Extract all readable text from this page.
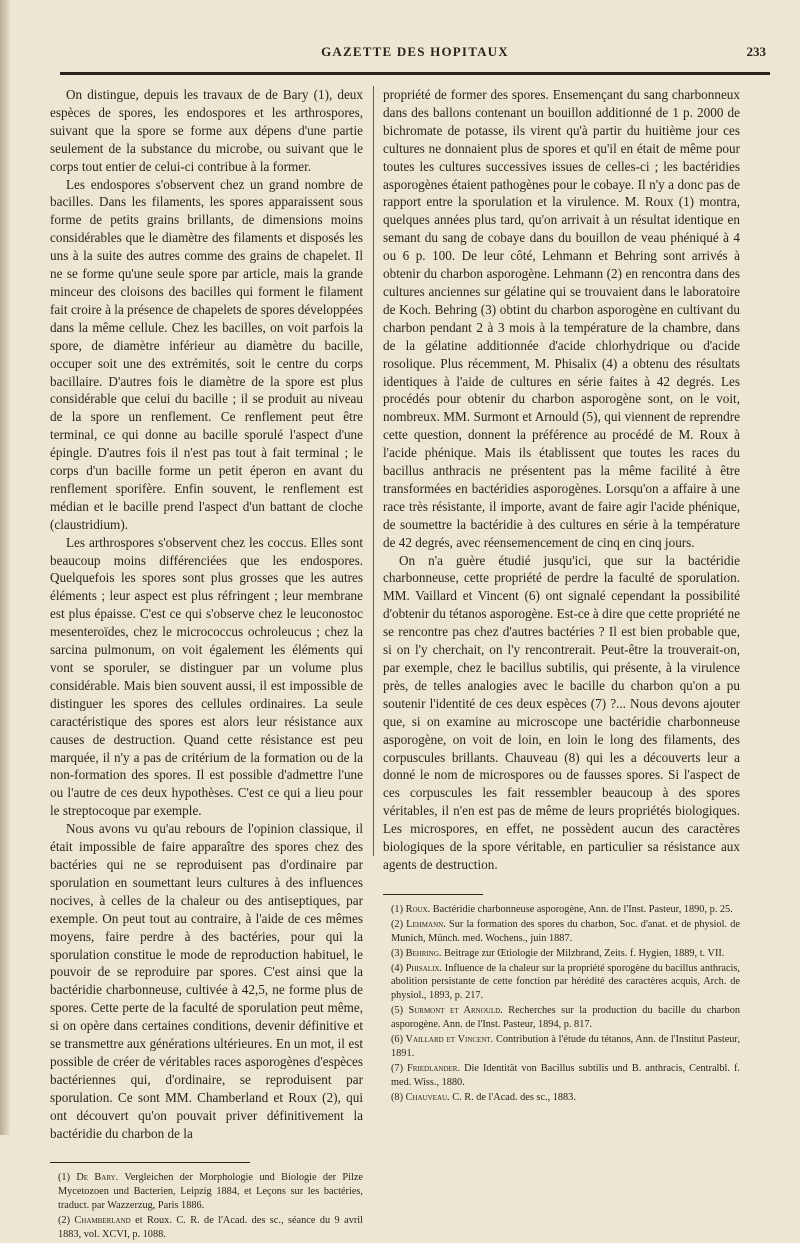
GAZETTE DES HOPITAUX	233

On distingue, depuis les travaux de de Bary (1), deux espèces de spores, les endospores et les arthrospores, suivant que la spore se forme aux dépens d'une partie seulement de la substance du microbe, ou suivant que le corps tout entier de celui-ci contribue à la former.

Les endospores s'observent chez un grand nombre de bacilles. Dans les filaments, les spores apparaissent sous forme de petits grains brillants, de dimensions moins considérables que le diamètre des filaments et disposés les uns à la suite des autres comme des grains de chapelet. Il ne se forme qu'une seule spore par article, mais la grande minceur des cloisons des bacilles qui forment le filament fait croire à la présence de chapelets de spores développées dans la même cellule. Chez les bacilles, on voit parfois la spore, de diamètre inférieur au diamètre du bacille, occuper soit une des extrémités, soit le centre du corps bacillaire. D'autres fois le diamètre de la spore est plus considérable que celui du bacille ; il se produit au niveau de la spore un renflement. Ce renflement peut être terminal, ce qui donne au bacille sporulé l'aspect d'une épingle. D'autres fois il n'est pas tout à fait terminal ; le corps d'un bacille forme un petit éperon en avant du renflement sporifère. Enfin souvent, le renflement est médian et le bacille prend l'aspect d'un battant de cloche (claustridium).

Les arthrospores s'observent chez les coccus. Elles sont beaucoup moins différenciées que les endospores. Quelquefois les spores sont plus grosses que les autres éléments ; leur aspect est plus réfringent ; leur membrane est plus épaisse. C'est ce qui s'observe chez le leuconostoc mesenteroïdes, chez le micrococcus ochroleucus ; chez la sarcina pulmonum, on voit également les éléments qui vont se sporuler, se distinguer par un volume plus considérable. Mais bien souvent aussi, il est impossible de distinguer les spores des cellules ordinaires. La seule caractéristique des spores est alors leur résistance aux causes de destruction. Quand cette résistance est peu marquée, il n'y a pas de critérium de la formation ou de la non-formation des spores. Il est possible d'admettre l'une ou l'autre de ces deux hypothèses. C'est ce qui a lieu pour le streptocoque par exemple.

Nous avons vu qu'au rebours de l'opinion classique, il était impossible de faire apparaître des spores chez des bactéries qui ne se reproduisent pas d'ordinaire par sporulation en soumettant leurs cultures à des influences nocives, à celles de la chaleur ou des antiseptiques, par exemple. On peut tout au contraire, à l'aide de ces mêmes moyens, faire perdre à des bactéries, pour qui la sporulation constitue le mode de reproduction habituel, le pouvoir de se reproduire par spores. C'est ainsi que la bactéridie charbonneuse, cultivée à 42,5, ne forme plus de spores. Cette perte de la faculté de sporulation peut même, si on opère dans certaines conditions, devenir définitive et se transmettre aux générations ultérieures. En un mot, il est possible de créer de véritables races asporogènes d'espèces bactériennes qui, d'ordinaire, se reproduisent par sporulation. Ce sont MM. Chamberland et Roux (2), qui ont découvert qu'on pouvait priver définitivement la bactéridie du charbon de la

(1) De Bary. Vergleichen der Morphologie und Biologie der Pilze Mycetozoen und Bacterien, Leipzig 1884, et Leçons sur les bactéries, traduct. par Wazzerzug, Paris 1886.
(2) Chamberland et Roux. C. R. de l'Acad. des sc., séance du 9 avril 1883, vol. XCVI, p. 1088.

propriété de former des spores. Ensemençant du sang charbonneux dans des ballons contenant un bouillon additionné de 1 p. 2000 de bichromate de potasse, ils virent qu'à partir du huitième jour ces cultures ne donnaient plus de spores et qu'il en était de même pour toutes les cultures successives issues de celles-ci ; les bactéridies asporogènes étaient pathogènes pour le cobaye. Il n'y a donc pas de rapport entre la sporulation et la virulence. M. Roux (1) montra, quelques années plus tard, qu'on arrivait à un résultat identique en semant du sang de cobaye dans du bouillon de veau phéniqué à 4 ou 6 p. 100. De leur côté, Lehmann et Behring sont arrivés à obtenir du charbon asporogène. Lehmann (2) en rencontra dans des cultures anciennes sur gélatine qui se trouvaient dans le laboratoire de Koch. Behring (3) obtint du charbon asporogène en cultivant du charbon pendant 2 à 3 mois à la température de la chambre, dans de la gélatine additionnée d'acide chlorhydrique ou d'acide rosolique. Plus récemment, M. Phisalix (4) a obtenu des résultats identiques à l'aide de cultures en série faites à 42 degrés. Les procédés pour obtenir du charbon asporogène sont, on le voit, nombreux. MM. Surmont et Arnould (5), qui viennent de reprendre cette question, donnent la préférence au procédé de M. Roux à l'acide phénique. Mais ils établissent que toutes les races du bacillus anthracis ne présentent pas la même facilité à être transformées en bactéridies asporogènes. Lorsqu'on a affaire à une race très résistante, il importe, avant de faire agir l'acide phénique, de soumettre la bactéridie à des cultures en série à la température de 42 degrés, avec réensemencement de cinq en cinq jours.

On n'a guère étudié jusqu'ici, que sur la bactéridie charbonneuse, cette propriété de perdre la faculté de sporulation. MM. Vaillard et Vincent (6) ont signalé cependant la possibilité d'obtenir du tétanos asporogène. Est-ce à dire que cette propriété ne se rencontre pas chez d'autres bactéries ? Il est bien probable que, si on l'y cherchait, on l'y rencontrerait. Peut-être la trouverait-on, par exemple, chez le bacillus subtilis, qui présente, à la virulence près, de telles analogies avec le bacille du charbon qu'on a pu soutenir l'identité de ces deux espèces (7) ?... Nous devons ajouter que, si on examine au microscope une bactéridie charbonneuse asporogène, on voit de loin, en loin le long des filaments, des corpuscules brillants. Chauveau (8) qui les a découverts leur a donné le nom de microspores ou de fausses spores. Si l'aspect de ces corpuscules les fait ressembler beaucoup à des spores véritables, il n'en est pas de même de leurs propriétés biologiques. Les microspores, en effet, ne possèdent aucun des caractères biologiques de la spore véritable, en particulier sa résistance aux agents de destruction.

(1) Roux. Bactéridie charbonneuse asporogène, Ann. de l'Inst. Pasteur, 1890, p. 25.
(2) Lehmann. Sur la formation des spores du charbon, Soc. d'anat. et de physiol. de Munich, Münch. med. Wochens., juin 1887.
(3) Behring. Beitrage zur Œtiologie der Milzbrand, Zeits. f. Hygien, 1889, t. VII.
(4) Phisalix. Influence de la chaleur sur la propriété sporogène du bacillus anthracis, abolition persistante de cette fonction par hérédité des caractères acquis, Arch. de physiol., 1893, p. 217.
(5) Surmont et Arnould. Recherches sur la production du bacille du charbon asporogène. Ann. de l'Inst. Pasteur, 1894, p. 817.
(6) Vaillard et Vincent. Contribution à l'étude du tétanos, Ann. de l'Institut Pasteur, 1891.
(7) Friedlander. Die Identität von Bacillus subtilis und B. anthracis, Centralbl. f. med. Wiss., 1880.
(8) Chauveau. C. R. de l'Acad. des sc., 1883.
